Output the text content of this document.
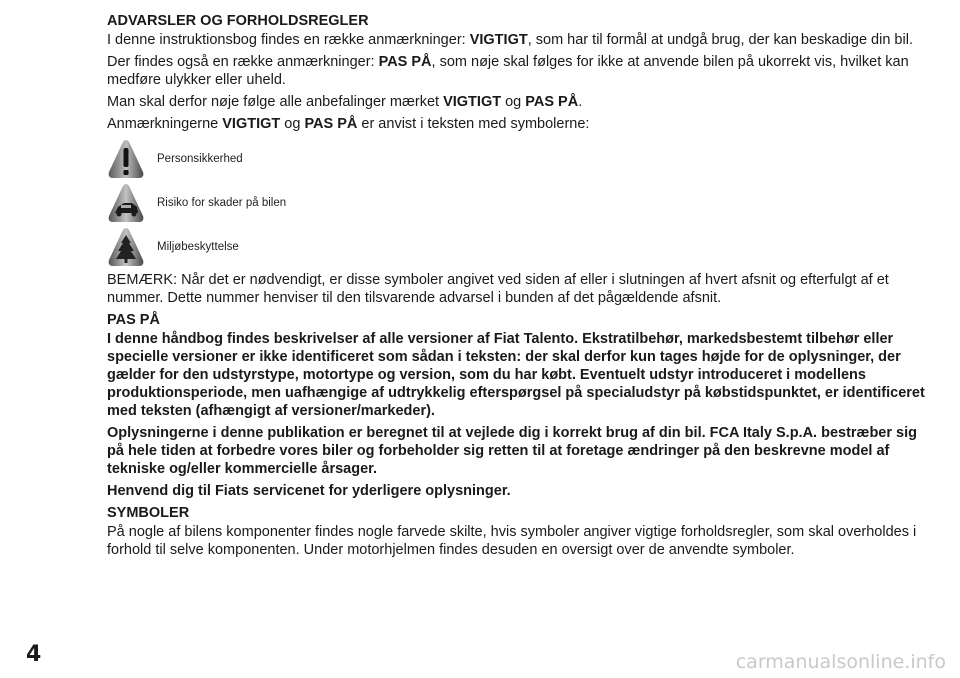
ADVARSLER OG FORHOLDSREGLER

I denne instruktionsbog findes en række anmærkninger: VIGTIGT, som har til formål at undgå brug, der kan beskadige din bil.

Der findes også en række anmærkninger: PAS PÅ, som nøje skal følges for ikke at anvende bilen på ukorrekt vis, hvilket kan medføre ulykker eller uheld.

Man skal derfor nøje følge alle anbefalinger mærket VIGTIGT og PAS PÅ.

Anmærkningerne VIGTIGT og PAS PÅ er anvist i teksten med symbolerne:

Personsikkerhed
Risiko for skader på bilen
Miljøbeskyttelse

BEMÆRK: Når det er nødvendigt, er disse symboler angivet ved siden af eller i slutningen af hvert afsnit og efterfulgt af et nummer. Dette nummer henviser til den tilsvarende advarsel i bunden af det pågældende afsnit.

PAS PÅ

I denne håndbog findes beskrivelser af alle versioner af Fiat Talento. Ekstratilbehør, markedsbestemt tilbehør eller specielle versioner er ikke identificeret som sådan i teksten: der skal derfor kun tages højde for de oplysninger, der gælder for den udstyrstype, motortype og version, som du har købt. Eventuelt udstyr introduceret i modellens produktionsperiode, men uafhængige af udtrykkelig efterspørgsel på specialudstyr på købstidspunktet, er identificeret med teksten (afhængigt af versioner/markeder).

Oplysningerne i denne publikation er beregnet til at vejlede dig i korrekt brug af din bil. FCA Italy S.p.A. bestræber sig på hele tiden at forbedre vores biler og forbeholder sig retten til at foretage ændringer på den beskrevne model af tekniske og/eller kommercielle årsager.

Henvend dig til Fiats servicenet for yderligere oplysninger.

SYMBOLER

På nogle af bilens komponenter findes nogle farvede skilte, hvis symboler angiver vigtige forholdsregler, som skal overholdes i forhold til selve komponenten. Under motorhjelmen findes desuden en oversigt over de anvendte symboler.

4	carmanualsonline.info
